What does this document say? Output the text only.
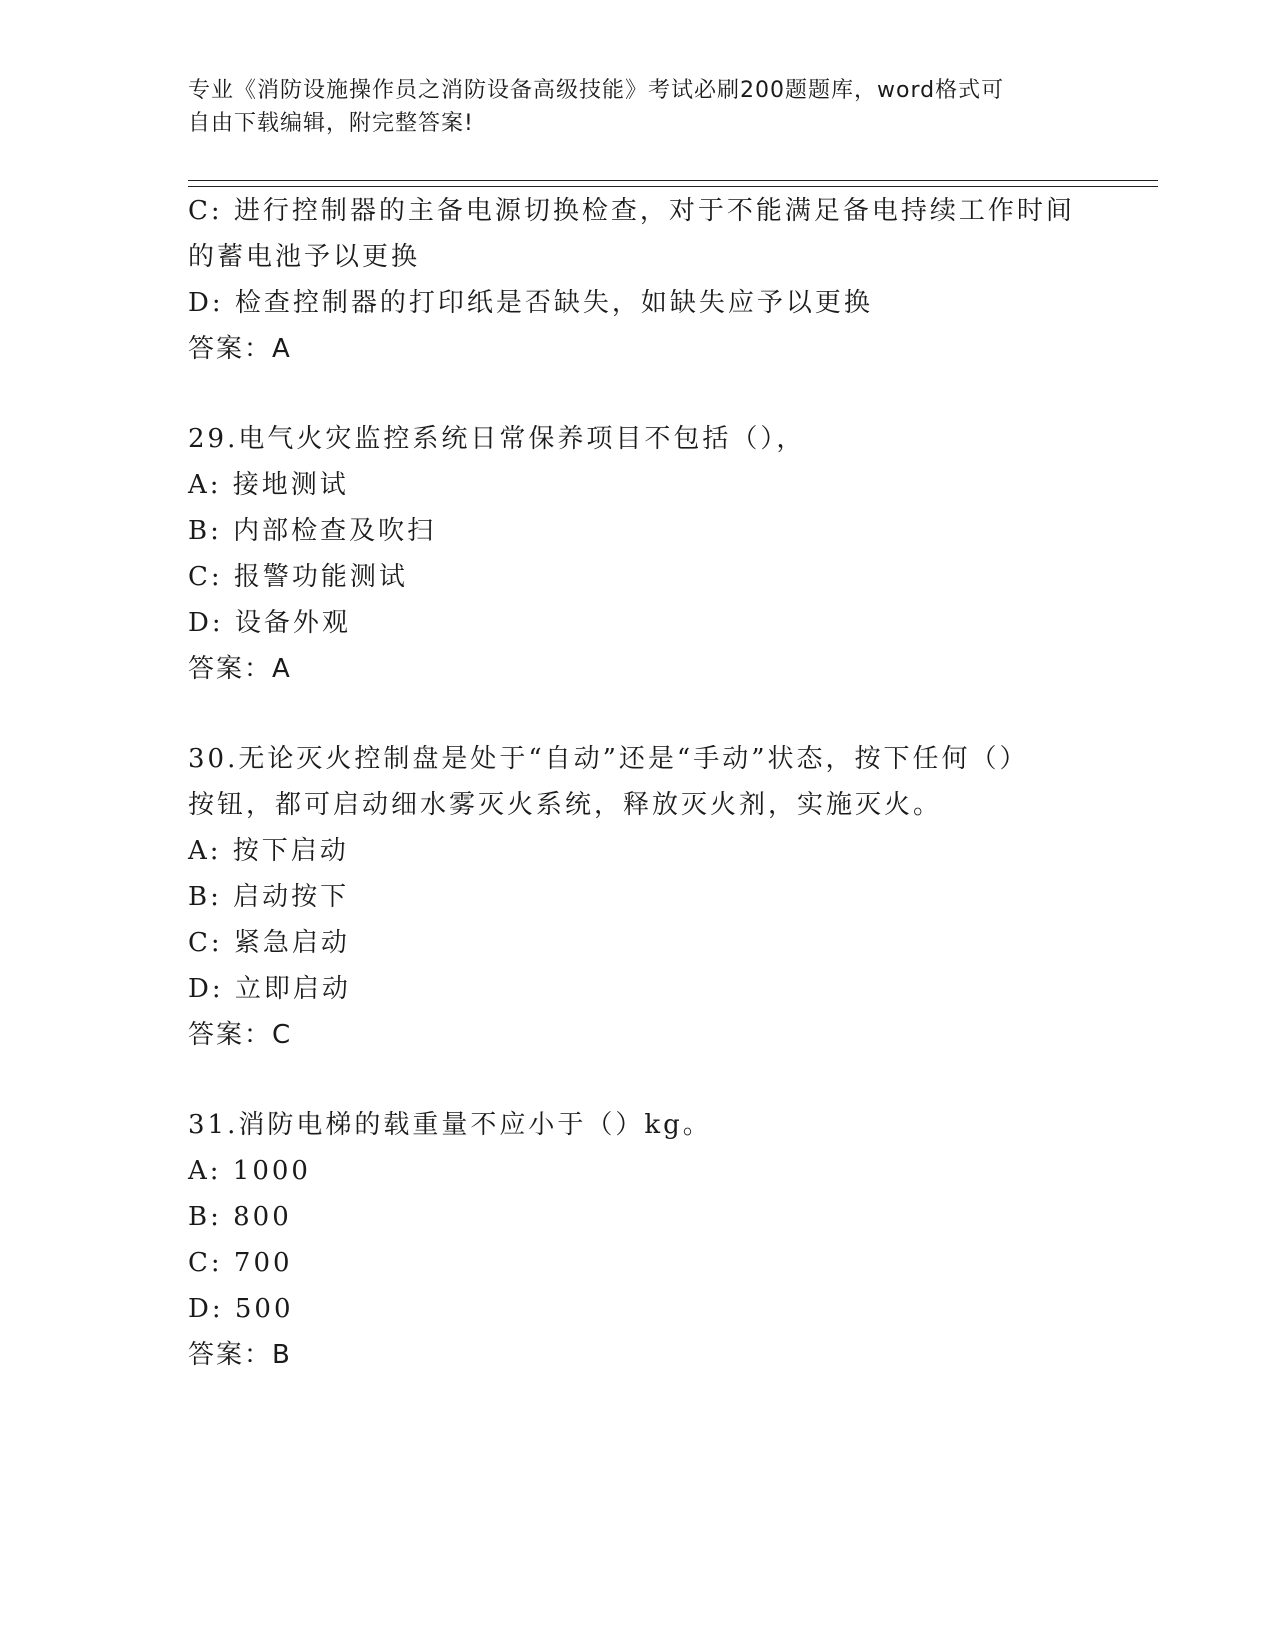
专业《消防设施操作员之消防设备高级技能》考试必刷200题题库，word格式可
自由下载编辑，附完整答案!
C: 进行控制器的主备电源切换检查，对于不能满足备电持续工作时间
的蓄电池予以更换
D: 检查控制器的打印纸是否缺失，如缺失应予以更换
答案：A
29.电气火灾监控系统日常保养项目不包括（），
A: 接地测试
B: 内部检查及吹扫
C: 报警功能测试
D: 设备外观
答案：A
30.无论灭火控制盘是处于“自动”还是“手动”状态，按下任何（）
按钮，都可启动细水雾灭火系统，释放灭火剂，实施灭火。
A: 按下启动
B: 启动按下
C: 紧急启动
D: 立即启动
答案：C
31.消防电梯的载重量不应小于（）kg。
A: 1000
B: 800
C: 700
D: 500
答案：B
